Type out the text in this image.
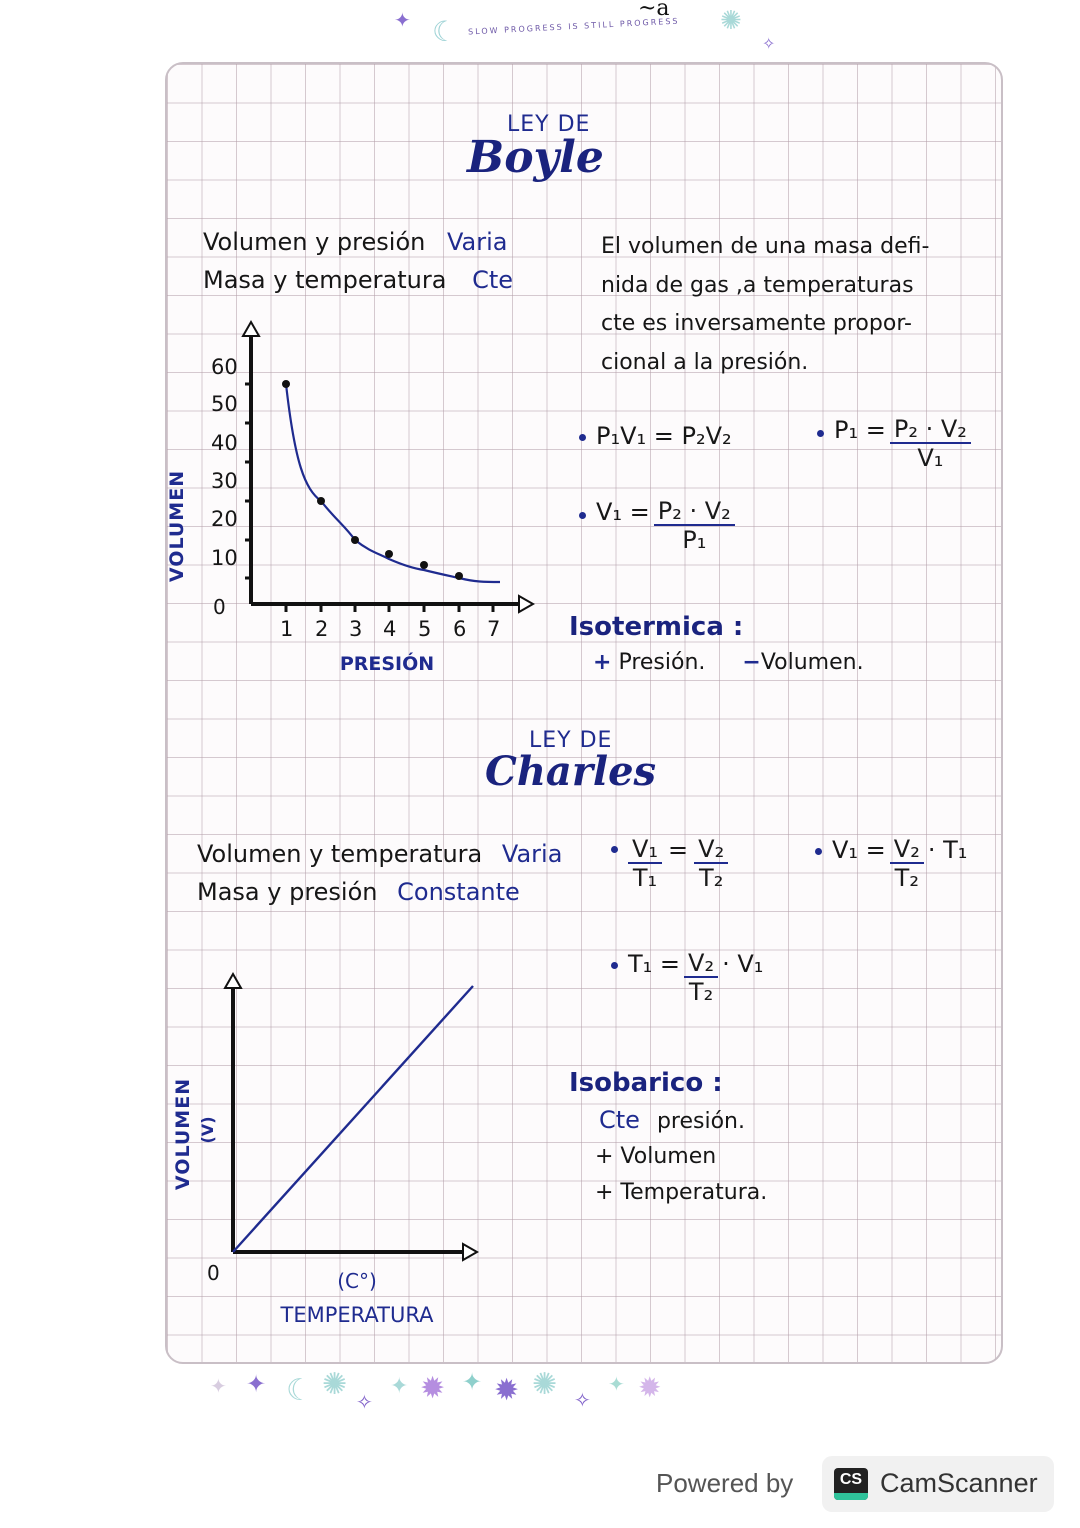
✦ ☾ SLOW PROGRESS IS STILL PROGRESS
~a ✺
✧
LEY DE
Boyle
Volumen y presión Varia
Masa y temperatura Cte
El volumen de una masa defi-
nida de gas ,a temperaturas
cte es inversamente propor-
cional a la presión.
P₁V₁ = P₂V₂	$P_1 = \frac{\text{P₂ · V₂}}{\text{V₁}}$
$V_1 = \frac{\text{P₂ · V₂}}{\text{P₁}}$
VOLUMEN
60
50
40
30
20
10
0
1 2 3 4 5 6 7
PRESIÓN
Isotermica :
+ Presión. −Volumen.
LEY DE
Charles
Volumen y temperatura Varia
Masa y presión Constante	$\frac{\text{V₁}}{\text{T₁}} = \frac{\text{V₂}}{\text{T₂}}$	$V_1 = \frac{\text{V₂}}{\text{T₂}} \cdot T_1$
$T_1 = \frac{\text{V₂}}{\text{T₂}} \cdot V_1$
VOLUMEN (V)
0	(C°)
TEMPERATURA
Isobarico :
Cte presión.
+ Volumen
+ Temperatura.
✦ ✦ ☾ ✺ ✧
✦ ✹ ✦ ✹ ✺ ✧
✦ ✹
Powered by	CS CamScanner
